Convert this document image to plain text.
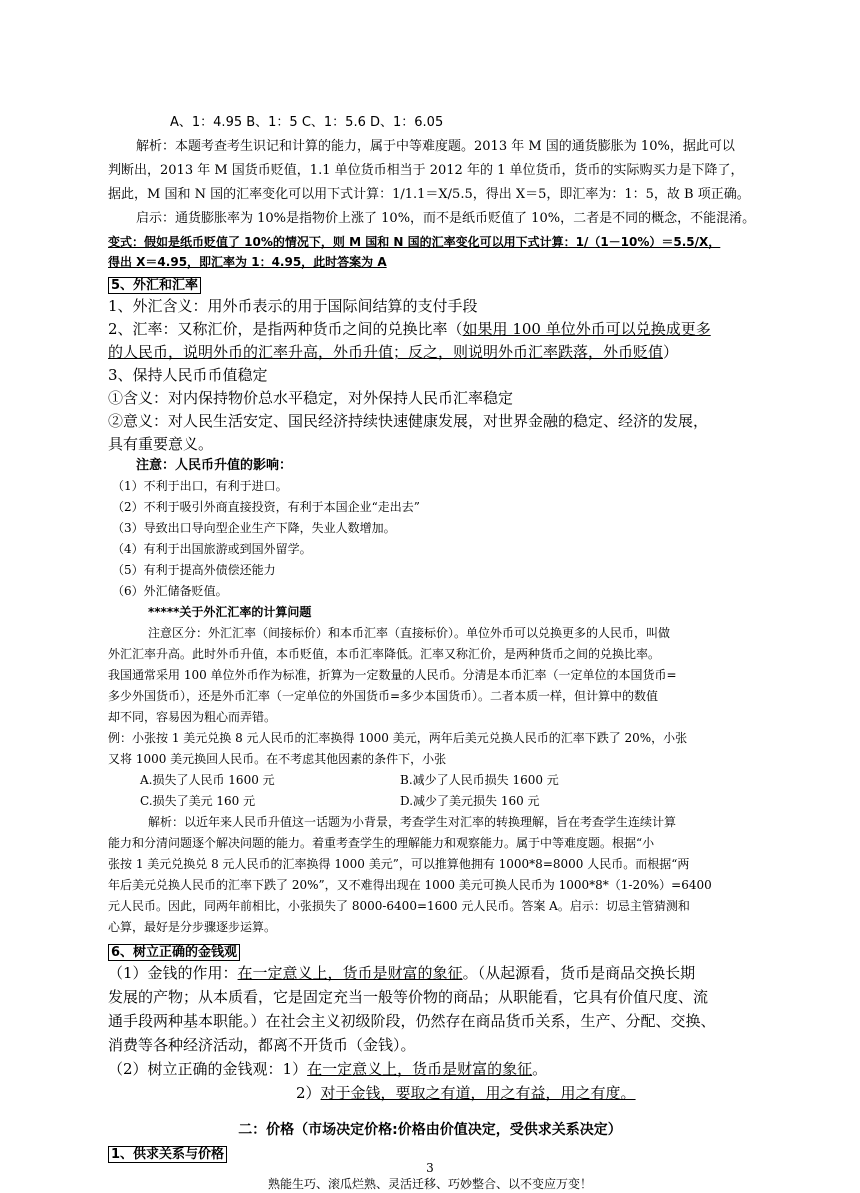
A、1：4.95 B、1：5 C、1：5.6 D、1：6.05
解析：本题考查考生识记和计算的能力，属于中等难度题。2013 年 M 国的通货膨胀为 10%，据此可以
判断出，2013 年 M 国货币贬值，1.1 单位货币相当于 2012 年的 1 单位货币，货币的实际购买力是下降了，
据此，M 国和 N 国的汇率变化可以用下式计算：1/1.1＝X/5.5，得出 X＝5，即汇率为：1：5，故 B 项正确。
启示：通货膨胀率为 10%是指物价上涨了 10%，而不是纸币贬值了 10%，二者是不同的概念，不能混淆。
变式：假如是纸币贬值了 10%的情况下，则 M 国和 N 国的汇率变化可以用下式计算：1/（1－10%）＝5.5/X，
得出 X＝4.95，即汇率为 1：4.95，此时答案为 A
5、外汇和汇率
1、外汇含义：用外币表示的用于国际间结算的支付手段
2、汇率：又称汇价，是指两种货币之间的兑换比率（如果用 100 单位外币可以兑换成更多
的人民币，说明外币的汇率升高，外币升值；反之，则说明外币汇率跌落，外币贬值）
3、保持人民币币值稳定
①含义：对内保持物价总水平稳定，对外保持人民币汇率稳定
②意义：对人民生活安定、国民经济持续快速健康发展，对世界金融的稳定、经济的发展，
具有重要意义。
注意：人民币升值的影响：
（1）不利于出口，有利于进口。
（2）不利于吸引外商直接投资，有利于本国企业“走出去”
（3）导致出口导向型企业生产下降，失业人数增加。
（4）有利于出国旅游或到国外留学。
（5）有利于提高外债偿还能力
（6）外汇储备贬值。
*****关于外汇汇率的计算问题
注意区分：外汇汇率（间接标价）和本币汇率（直接标价）。单位外币可以兑换更多的人民币，叫做
外汇汇率升高。此时外币升值，本币贬值，本币汇率降低。汇率又称汇价，是两种货币之间的兑换比率。
我国通常采用 100 单位外币作为标准，折算为一定数量的人民币。分清是本币汇率（一定单位的本国货币=
多少外国货币），还是外币汇率（一定单位的外国货币=多少本国货币）。二者本质一样，但计算中的数值
却不同，容易因为粗心而弄错。
例：小张按 1 美元兑换 8 元人民币的汇率换得 1000 美元，两年后美元兑换人民币的汇率下跌了 20%，小张
又将 1000 美元换回人民币。在不考虑其他因素的条件下，小张
A.损失了人民币 1600 元	B.减少了人民币损失 1600 元
C.损失了美元 160 元	D.减少了美元损失 160 元
解析：以近年来人民币升值这一话题为小背景，考查学生对汇率的转换理解，旨在考查学生连续计算
能力和分清问题逐个解决问题的能力。着重考查学生的理解能力和观察能力。属于中等难度题。根据“小
张按 1 美元兑换兑 8 元人民币的汇率换得 1000 美元”，可以推算他拥有 1000*8=8000 人民币。而根据“两
年后美元兑换人民币的汇率下跌了 20%”，又不难得出现在 1000 美元可换人民币为 1000*8*（1-20%）=6400
元人民币。因此，同两年前相比，小张损失了 8000-6400=1600 元人民币。答案 A。启示：切忌主管猜测和
心算，最好是分步骤逐步运算。
6、树立正确的金钱观
（1）金钱的作用：在一定意义上，货币是财富的象征。（从起源看，货币是商品交换长期
发展的产物；从本质看，它是固定充当一般等价物的商品；从职能看，它具有价值尺度、流
通手段两种基本职能。）在社会主义初级阶段，仍然存在商品货币关系，生产、分配、交换、
消费等各种经济活动，都离不开货币（金钱）。
（2）树立正确的金钱观：1）在一定意义上，货币是财富的象征。
2）对于金钱，要取之有道，用之有益，用之有度。
二：价格（市场决定价格:价格由价值决定，受供求关系决定）
1、供求关系与价格
3
熟能生巧、滚瓜烂熟、灵活迁移、巧妙整合、以不变应万变！
